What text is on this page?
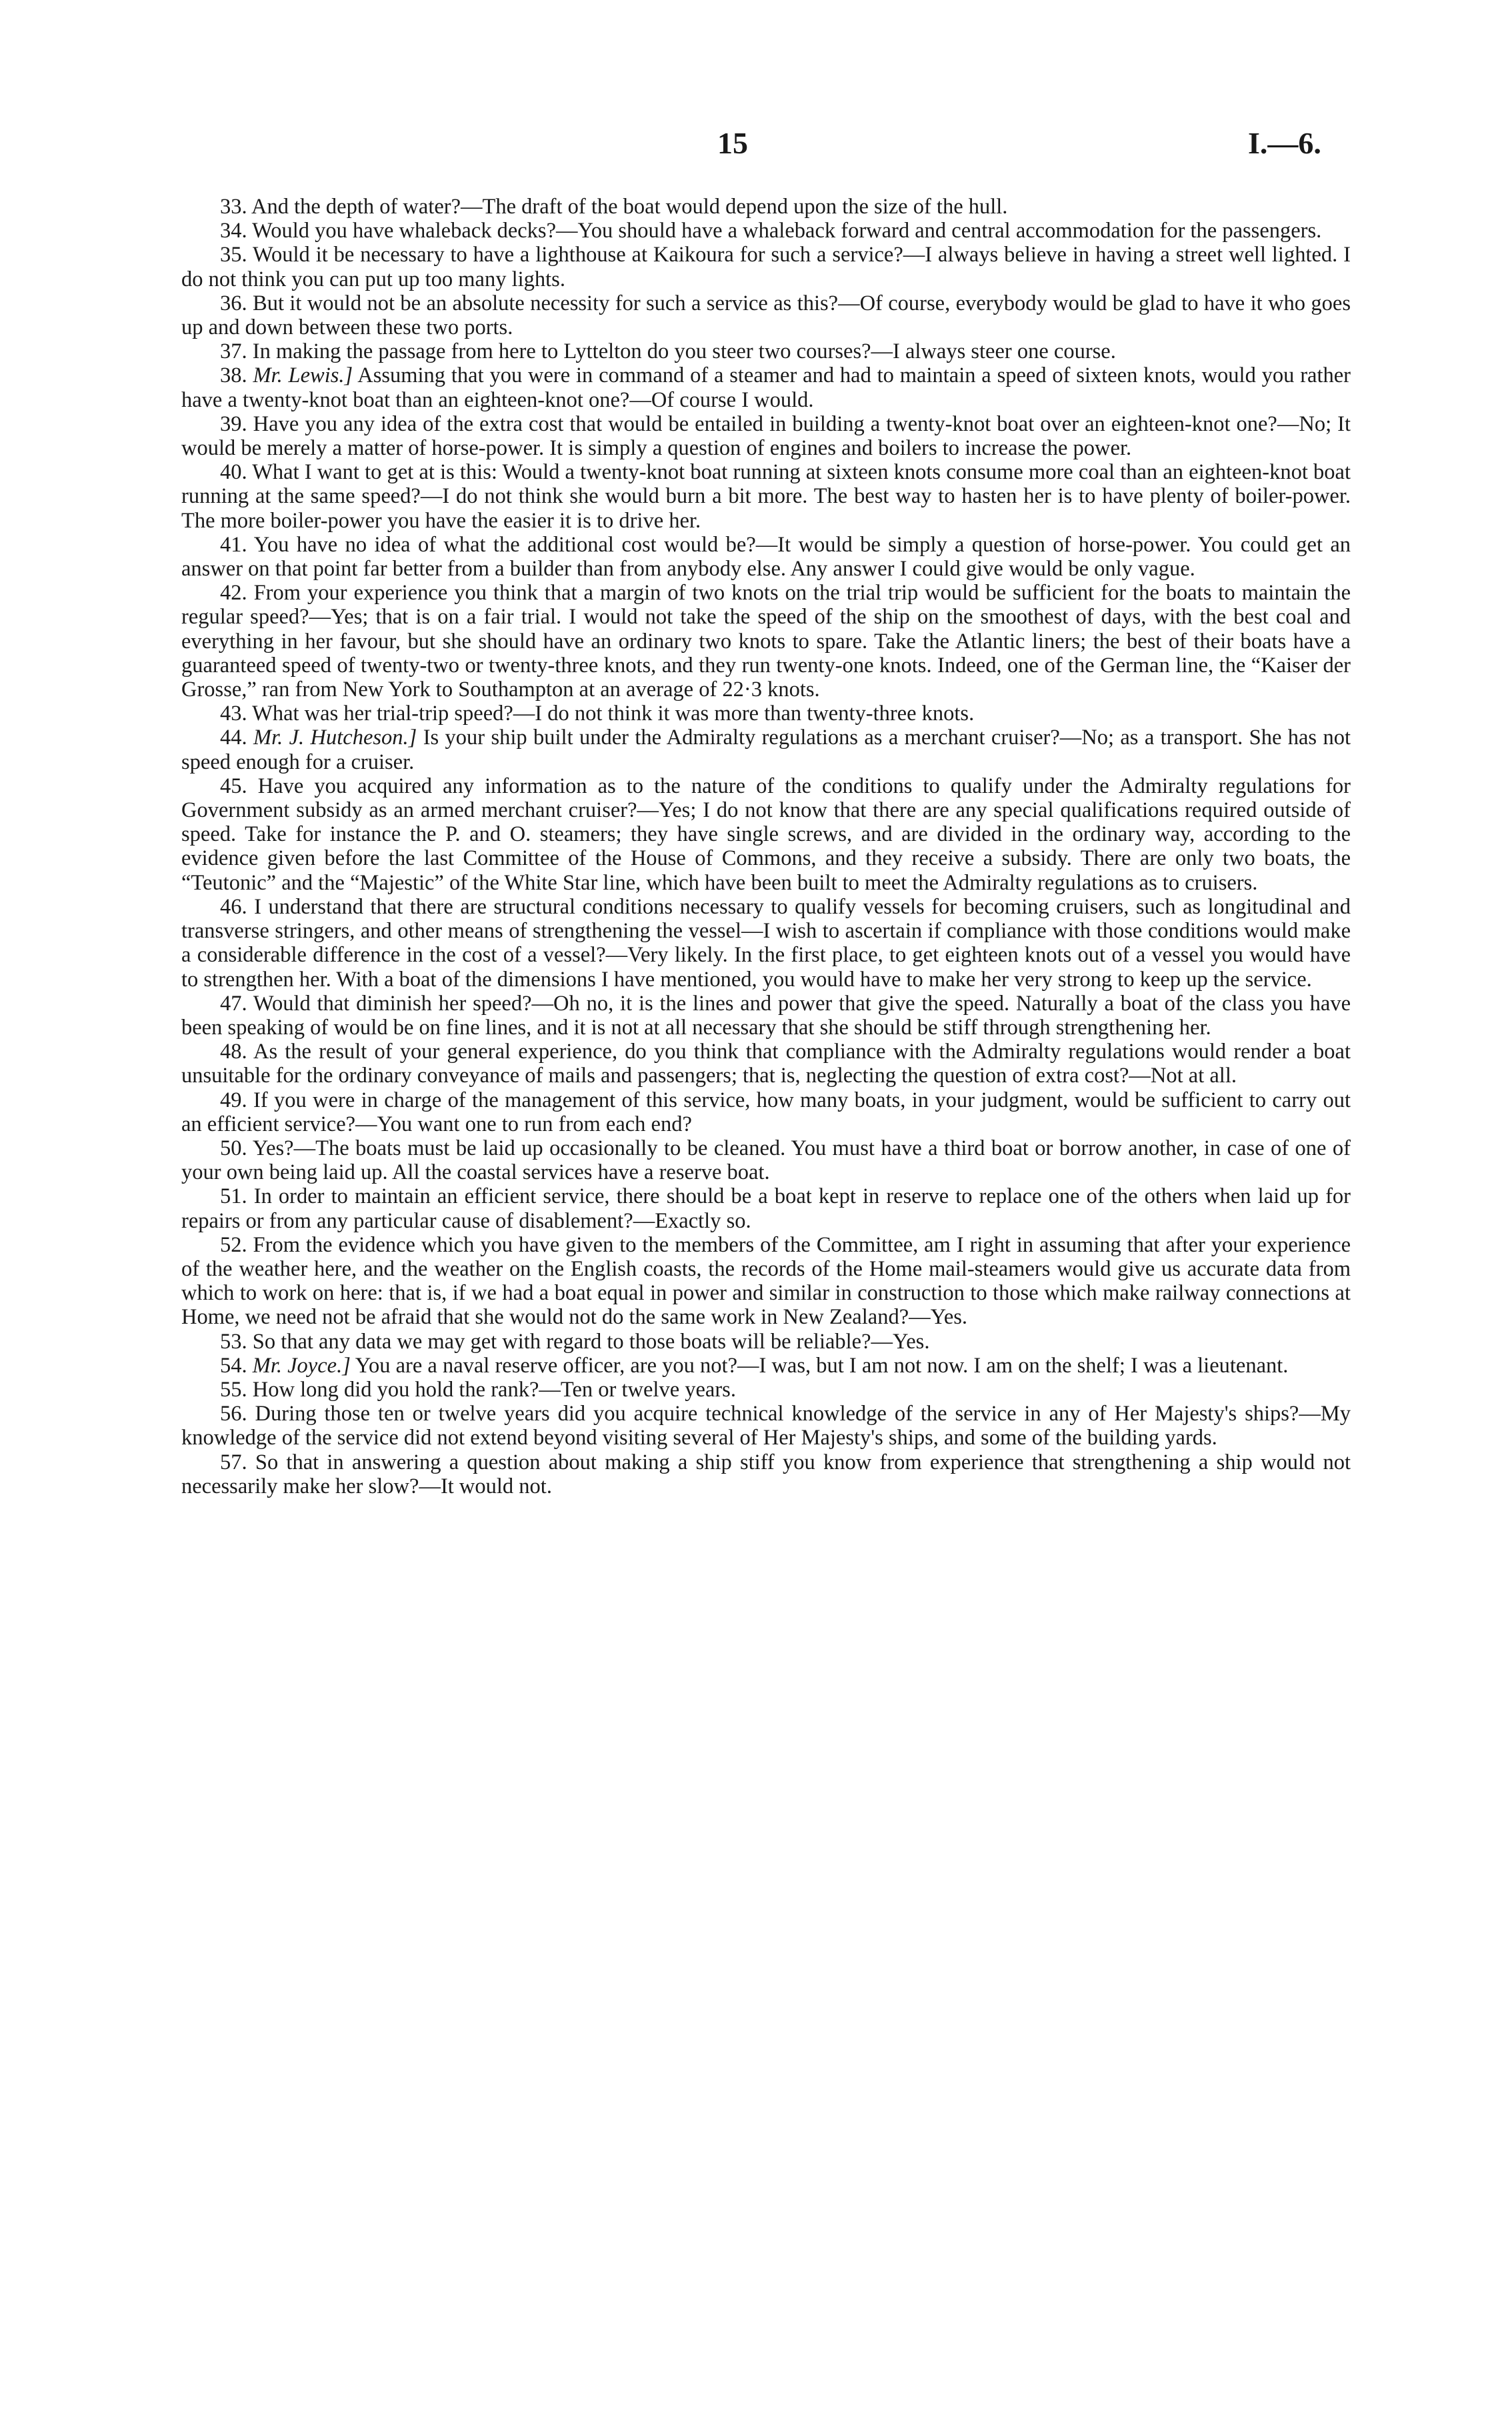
15	I.—6.

33. And the depth of water?—The draft of the boat would depend upon the size of the hull.

34. Would you have whaleback decks?—You should have a whaleback forward and central accommodation for the passengers.

35. Would it be necessary to have a lighthouse at Kaikoura for such a service?—I always believe in having a street well lighted. I do not think you can put up too many lights.

36. But it would not be an absolute necessity for such a service as this?—Of course, everybody would be glad to have it who goes up and down between these two ports.

37. In making the passage from here to Lyttelton do you steer two courses?—I always steer one course.

38. Mr. Lewis.] Assuming that you were in command of a steamer and had to maintain a speed of sixteen knots, would you rather have a twenty-knot boat than an eighteen-knot one?—Of course I would.

39. Have you any idea of the extra cost that would be entailed in building a twenty-knot boat over an eighteen-knot one?—No; It would be merely a matter of horse-power. It is simply a question of engines and boilers to increase the power.

40. What I want to get at is this: Would a twenty-knot boat running at sixteen knots consume more coal than an eighteen-knot boat running at the same speed?—I do not think she would burn a bit more. The best way to hasten her is to have plenty of boiler-power. The more boiler-power you have the easier it is to drive her.

41. You have no idea of what the additional cost would be?—It would be simply a question of horse-power. You could get an answer on that point far better from a builder than from anybody else. Any answer I could give would be only vague.

42. From your experience you think that a margin of two knots on the trial trip would be sufficient for the boats to maintain the regular speed?—Yes; that is on a fair trial. I would not take the speed of the ship on the smoothest of days, with the best coal and everything in her favour, but she should have an ordinary two knots to spare. Take the Atlantic liners; the best of their boats have a guaranteed speed of twenty-two or twenty-three knots, and they run twenty-one knots. Indeed, one of the German line, the “Kaiser der Grosse,” ran from New York to Southampton at an average of 22·3 knots.

43. What was her trial-trip speed?—I do not think it was more than twenty-three knots.

44. Mr. J. Hutcheson.] Is your ship built under the Admiralty regulations as a merchant cruiser?—No; as a transport. She has not speed enough for a cruiser.

45. Have you acquired any information as to the nature of the conditions to qualify under the Admiralty regulations for Government subsidy as an armed merchant cruiser?—Yes; I do not know that there are any special qualifications required outside of speed. Take for instance the P. and O. steamers; they have single screws, and are divided in the ordinary way, according to the evidence given before the last Committee of the House of Commons, and they receive a subsidy. There are only two boats, the “Teutonic” and the “Majestic” of the White Star line, which have been built to meet the Admiralty regulations as to cruisers.

46. I understand that there are structural conditions necessary to qualify vessels for becoming cruisers, such as longitudinal and transverse stringers, and other means of strengthening the vessel—I wish to ascertain if compliance with those conditions would make a considerable difference in the cost of a vessel?—Very likely. In the first place, to get eighteen knots out of a vessel you would have to strengthen her. With a boat of the dimensions I have mentioned, you would have to make her very strong to keep up the service.

47. Would that diminish her speed?—Oh no, it is the lines and power that give the speed. Naturally a boat of the class you have been speaking of would be on fine lines, and it is not at all necessary that she should be stiff through strengthening her.

48. As the result of your general experience, do you think that compliance with the Admiralty regulations would render a boat unsuitable for the ordinary conveyance of mails and passengers; that is, neglecting the question of extra cost?—Not at all.

49. If you were in charge of the management of this service, how many boats, in your judgment, would be sufficient to carry out an efficient service?—You want one to run from each end?

50. Yes?—The boats must be laid up occasionally to be cleaned. You must have a third boat or borrow another, in case of one of your own being laid up. All the coastal services have a reserve boat.

51. In order to maintain an efficient service, there should be a boat kept in reserve to replace one of the others when laid up for repairs or from any particular cause of disablement?—Exactly so.

52. From the evidence which you have given to the members of the Committee, am I right in assuming that after your experience of the weather here, and the weather on the English coasts, the records of the Home mail-steamers would give us accurate data from which to work on here: that is, if we had a boat equal in power and similar in construction to those which make railway connections at Home, we need not be afraid that she would not do the same work in New Zealand?—Yes.

53. So that any data we may get with regard to those boats will be reliable?—Yes.

54. Mr. Joyce.] You are a naval reserve officer, are you not?—I was, but I am not now. I am on the shelf; I was a lieutenant.

55. How long did you hold the rank?—Ten or twelve years.

56. During those ten or twelve years did you acquire technical knowledge of the service in any of Her Majesty's ships?—My knowledge of the service did not extend beyond visiting several of Her Majesty's ships, and some of the building yards.

57. So that in answering a question about making a ship stiff you know from experience that strengthening a ship would not necessarily make her slow?—It would not.
